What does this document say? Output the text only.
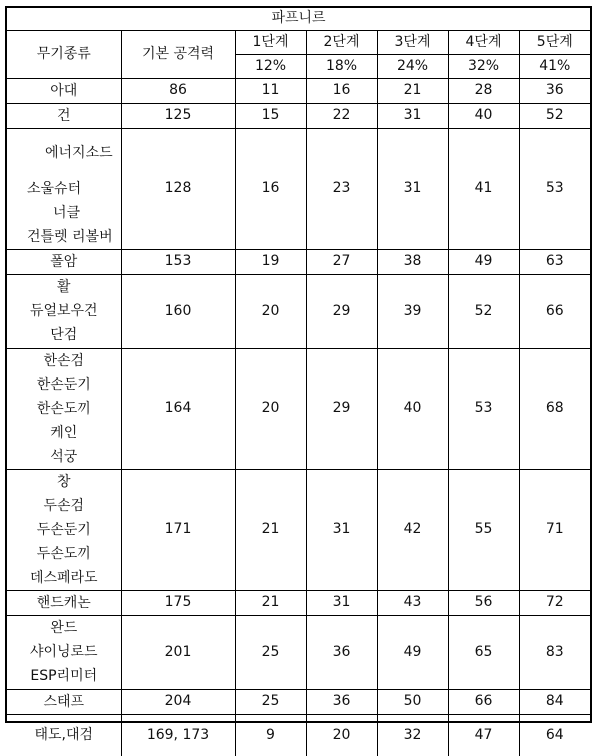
파프니르						
무기종류	기본 공격력	1단계	2단계	3단계	4단계	5단계
		12%	18%	24%	32%	41%

아대	86	11	16	21	28	36

건	125	15	22	31	40	52

에너지소드
소울슈터
너클
건틀렛 리볼버	128	16	23	31	41	53

폴암	153	19	27	38	49	63

활
듀얼보우건
단검	160	20	29	39	52	66

한손검
한손둔기
한손도끼
케인
석궁	164	20	29	40	53	68

창
두손검
두손둔기
두손도끼
데스페라도	171	21	31	42	55	71

핸드캐논	175	21	31	43	56	72

완드
샤이닝로드
ESP리미터	201	25	36	49	65	83

스태프	204	25	36	50	66	84

태도,대검	169, 173	9	20	32	47	64
